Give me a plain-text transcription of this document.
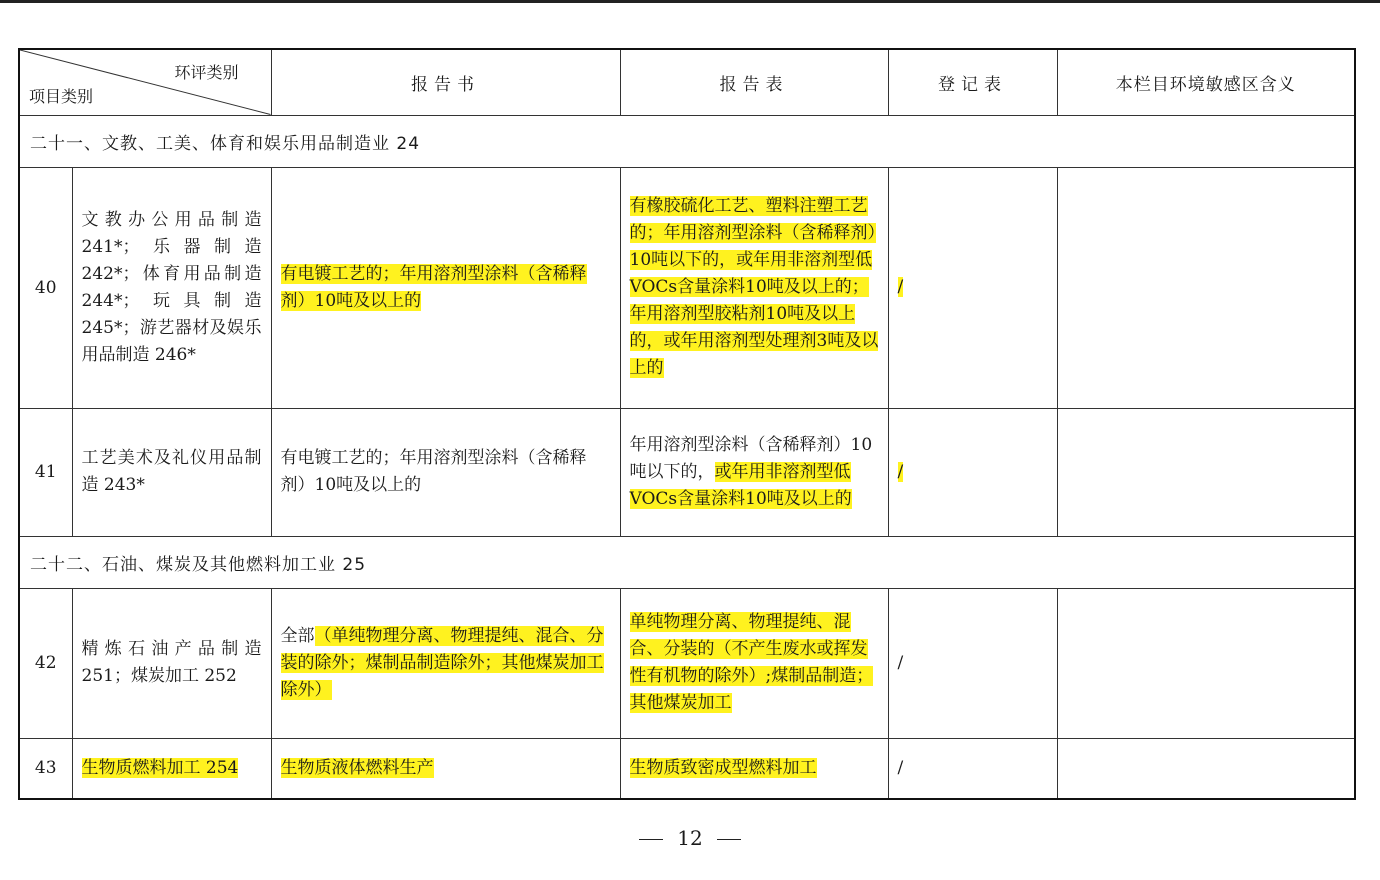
环评类别
项目类别		报告书	报告表	登记表	本栏目环境敏感区含义
二十一、文教、工美、体育和娱乐用品制造业 24					
40	文教办公用品制造241*；乐器制造242*；体育用品制造244*；玩具制造245*；游艺器材及娱乐用品制造 246*	有电镀工艺的；年用溶剂型涂料（含稀释剂）10吨及以上的	有橡胶硫化工艺、塑料注塑工艺的；年用溶剂型涂料（含稀释剂）10吨以下的，或年用非溶剂型低VOCs含量涂料10吨及以上的；年用溶剂型胶粘剂10吨及以上的，或年用溶剂型处理剂3吨及以上的	/	
41	工艺美术及礼仪用品制造 243*	有电镀工艺的；年用溶剂型涂料（含稀释剂）10吨及以上的	年用溶剂型涂料（含稀释剂）10吨以下的，或年用非溶剂型低VOCs含量涂料10吨及以上的	/	
二十二、石油、煤炭及其他燃料加工业 25					
42	精炼石油产品制造251；煤炭加工 252	全部（单纯物理分离、物理提纯、混合、分装的除外；煤制品制造除外；其他煤炭加工除外）	单纯物理分离、物理提纯、混合、分装的（不产生废水或挥发性有机物的除外）;煤制品制造；其他煤炭加工	/	
43	生物质燃料加工 254	生物质液体燃料生产	生物质致密成型燃料加工	/	
12
